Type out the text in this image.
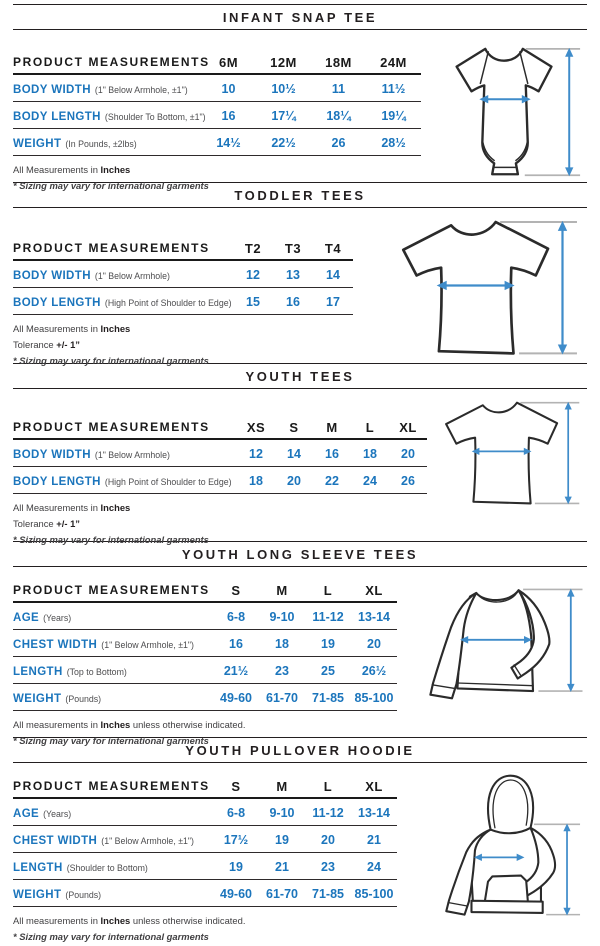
INFANT SNAP TEE
PRODUCT MEASUREMENTS 6M	12M	18M	24M
BODY WIDTH (1" Below Armhole, ±1")	10	10½	11	11½
BODY LENGTH (Shoulder To Bottom, ±1")	16	17¼	18¼	19¼
WEIGHT (In Pounds, ±2lbs)	14½	22½	26	28½

All Measurements in Inches

* Sizing may vary for international garments

TODDLER TEES
PRODUCT MEASUREMENTS	T2	T3	T4
BODY WIDTH (1" Below Armhole)	12	13	14
BODY LENGTH (High Point of Shoulder to Edge)	15	16	17

All Measurements in Inches

Tolerance +/- 1”

* Sizing may vary for international garments

YOUTH TEES
PRODUCT MEASUREMENTS	XS	S	M	L	XL
BODY WIDTH (1" Below Armhole)	12	14	16	18	20
BODY LENGTH (High Point of Shoulder to Edge)	18	20	22	24	26

All Measurements in Inches

Tolerance +/- 1”

* Sizing may vary for international garments

YOUTH LONG SLEEVE TEES
PRODUCT MEASUREMENTS	S	M	L	XL
AGE (Years)	6-8	9-10	11-12	13-14
CHEST WIDTH (1" Below Armhole, ±1")	16	18	19	20
LENGTH (Top to Bottom)	21½	23	25	26½
WEIGHT (Pounds)	49-60	61-70	71-85 85-100

All measurements in Inches unless otherwise indicated.

* Sizing may vary for international garments

YOUTH PULLOVER HOODIE
PRODUCT MEASUREMENTS	S	M	L	XL
AGE (Years)	6-8	9-10	11-12	13-14
CHEST WIDTH (1" Below Armhole, ±1")	17½	19	20	21
LENGTH (Shoulder to Bottom)	19	21	23	24
WEIGHT (Pounds)	49-60	61-70	71-85 85-100

All measurements in Inches unless otherwise indicated.

* Sizing may vary for international garments
